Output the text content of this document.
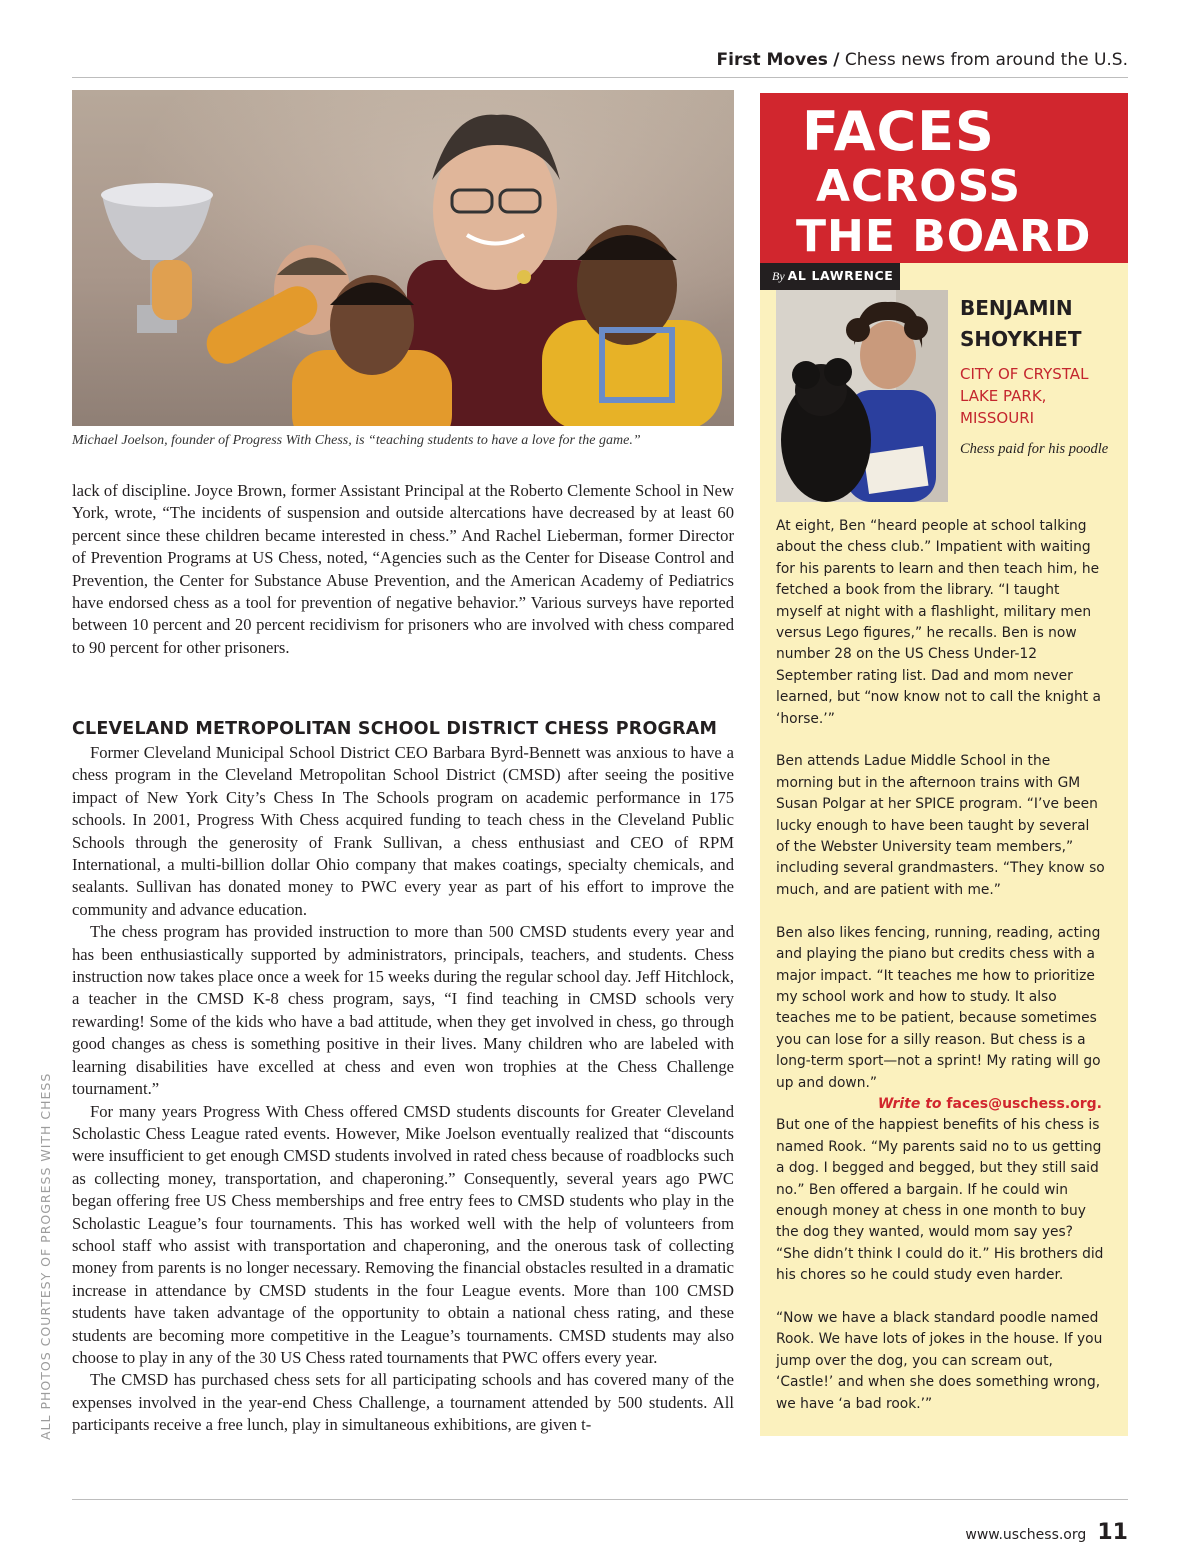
First Moves / Chess news from around the U.S.
Michael Joelson, founder of Progress With Chess, is “teaching students to have a love for the game.”
lack of discipline. Joyce Brown, former Assistant Principal at the Roberto Clemente School in New York, wrote, “The incidents of suspension and outside altercations have decreased by at least 60 percent since these children became interested in chess.” And Rachel Lieberman, former Director of Prevention Programs at US Chess, noted, “Agencies such as the Center for Disease Control and Prevention, the Center for Substance Abuse Prevention, and the American Academy of Pediatrics have endorsed chess as a tool for prevention of negative behavior.” Various surveys have reported between 10 percent and 20 percent recidivism for prisoners who are involved with chess compared to 90 percent for other prisoners.
CLEVELAND METROPOLITAN SCHOOL DISTRICT CHESS PROGRAM

Former Cleveland Municipal School District CEO Barbara Byrd-Bennett was anxious to have a chess program in the Cleveland Metropolitan School District (CMSD) after seeing the positive impact of New York City’s Chess In The Schools program on academic performance in 175 schools. In 2001, Progress With Chess acquired funding to teach chess in the Cleveland Public Schools through the generosity of Frank Sullivan, a chess enthusiast and CEO of RPM International, a multi-billion dollar Ohio company that makes coatings, specialty chemicals, and sealants. Sullivan has donated money to PWC every year as part of his effort to improve the community and advance education.

The chess program has provided instruction to more than 500 CMSD students every year and has been enthusiastically supported by administrators, principals, teachers, and students. Chess instruction now takes place once a week for 15 weeks during the regular school day. Jeff Hitchlock, a teacher in the CMSD K-8 chess program, says, “I find teaching in CMSD schools very rewarding! Some of the kids who have a bad attitude, when they get involved in chess, go through good changes as chess is something positive in their lives. Many children who are labeled with learning disabilities have excelled at chess and even won trophies at the Chess Challenge tournament.”

For many years Progress With Chess offered CMSD students discounts for Greater Cleveland Scholastic Chess League rated events. However, Mike Joelson eventually realized that “discounts were insufficient to get enough CMSD students involved in rated chess because of roadblocks such as collecting money, transportation, and chaperoning.” Consequently, several years ago PWC began offering free US Chess memberships and free entry fees to CMSD students who play in the Scholastic League’s four tournaments. This has worked well with the help of volunteers from school staff who assist with transportation and chaperoning, and the onerous task of collecting money from parents is no longer necessary. Removing the financial obstacles resulted in a dramatic increase in attendance by CMSD students in the four League events. More than 100 CMSD students have taken advantage of the opportunity to obtain a national chess rating, and these students are becoming more competitive in the League’s tournaments. CMSD students may also choose to play in any of the 30 US Chess rated tournaments that PWC offers every year.

The CMSD has purchased chess sets for all participating schools and has covered many of the expenses involved in the year-end Chess Challenge, a tournament attended by 500 students. All participants receive a free lunch, play in simultaneous exhibitions, are given t-

FACES
ACROSS
THE BOARD
By AL LAWRENCE
BENJAMIN
SHOYKHET
CITY OF CRYSTAL LAKE PARK, MISSOURI
Chess paid for his poodle

At eight, Ben “heard people at school talking about the chess club.” Impatient with waiting for his parents to learn and then teach him, he fetched a book from the library. “I taught myself at night with a flashlight, military men versus Lego figures,” he recalls. Ben is now number 28 on the US Chess Under-12 September rating list. Dad and mom never learned, but “now know not to call the knight a ‘horse.’”

Ben attends Ladue Middle School in the morning but in the afternoon trains with GM Susan Polgar at her SPICE program. “I’ve been lucky enough to have been taught by several of the Webster University team members,” including several grandmasters. “They know so much, and are patient with me.”

Ben also likes fencing, running, reading, acting and playing the piano but credits chess with a major impact. “It teaches me how to prioritize my school work and how to study. It also teaches me to be patient, because sometimes you can lose for a silly reason. But chess is a long-term sport—not a sprint! My rating will go up and down.”

But one of the happiest benefits of his chess is named Rook. “My parents said no to us getting a dog. I begged and begged, but they still said no.” Ben offered a bargain. If he could win enough money at chess in one month to buy the dog they wanted, would mom say yes? “She didn’t think I could do it.” His brothers did his chores so he could study even harder.

“Now we have a black standard poodle named Rook. We have lots of jokes in the house. If you jump over the dog, you can scream out, ‘Castle!’ and when she does something wrong, we have ‘a bad rook.’”

Write to faces@uschess.org.
ALL PHOTOS COURTESY OF PROGRESS WITH CHESS
www.uschess.org 11
